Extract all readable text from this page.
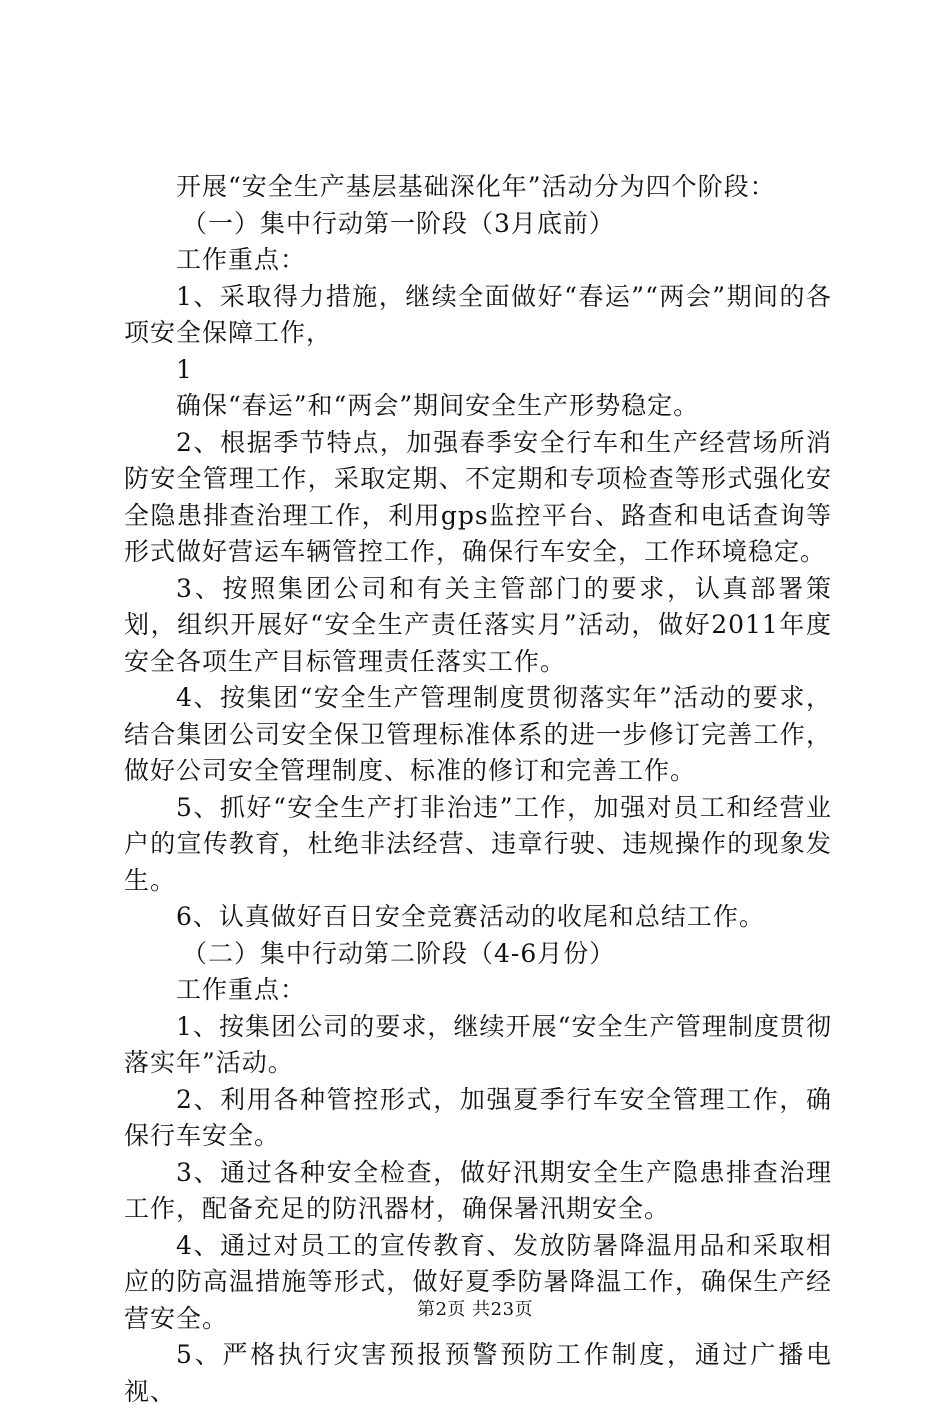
开展“安全生产基层基础深化年”活动分为四个阶段：

（一）集中行动第一阶段（3月底前）

工作重点：

1、采取得力措施，继续全面做好“春运”“两会”期间的各项安全保障工作，

1

确保“春运”和“两会”期间安全生产形势稳定。

2、根据季节特点，加强春季安全行车和生产经营场所消防安全管理工作，采取定期、不定期和专项检查等形式强化安全隐患排查治理工作，利用gps监控平台、路查和电话查询等形式做好营运车辆管控工作，确保行车安全，工作环境稳定。

3、按照集团公司和有关主管部门的要求，认真部署策划，组织开展好“安全生产责任落实月”活动，做好2011年度安全各项生产目标管理责任落实工作。

4、按集团“安全生产管理制度贯彻落实年”活动的要求，结合集团公司安全保卫管理标准体系的进一步修订完善工作，做好公司安全管理制度、标准的修订和完善工作。

5、抓好“安全生产打非治违”工作，加强对员工和经营业户的宣传教育，杜绝非法经营、违章行驶、违规操作的现象发生。

6、认真做好百日安全竞赛活动的收尾和总结工作。

（二）集中行动第二阶段（4-6月份）

工作重点：

1、按集团公司的要求，继续开展“安全生产管理制度贯彻落实年”活动。

2、利用各种管控形式，加强夏季行车安全管理工作，确保行车安全。

3、通过各种安全检查，做好汛期安全生产隐患排查治理工作，配备充足的防汛器材，确保暑汛期安全。

4、通过对员工的宣传教育、发放防暑降温用品和采取相应的防高温措施等形式，做好夏季防暑降温工作，确保生产经营安全。

5、严格执行灾害预报预警预防工作制度，通过广播电视、

第2页 共23页
